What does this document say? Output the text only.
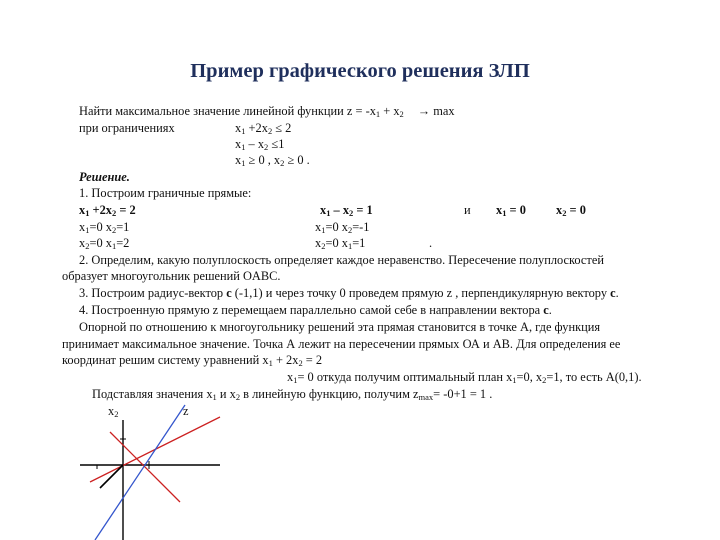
Пример графического решения ЗЛП
Найти максимальное значение линейной функции $z = -x_1 + x_2 \to \max$
при ограничениях	$x_1 +2x_2 \le 2$
$x_1 - x_2 \le 1$
$x_1 \ge 0$ , $x_2 \ge 0$ .
Решение.
1. Построим граничные прямые:
$x_1 +2x_2 = 2$	$x_1 - x_2 = 1$	и $x_1 = 0$ $x_2 = 0$
$x_1=0$ $x_2=1$	$x_1=0$ $x_2=-1$
$x_2=0$ $x_1=2$	$x_2=0$ $x_1=1$	.
2. Определим, какую полуплоскость определяет каждое неравенство. Пересечение полуплоскостей
образует многоугольник решений OABC.
3. Построим радиус-вектор c (-1,1) и через точку 0 проведем прямую z , перпендикулярную вектору c.
4. Построенную прямую z перемещаем параллельно самой себе в направлении вектора c.
Опорной по отношению к многоугольнику решений эта прямая становится в точке А, где функция
принимает максимальное значение. Точка А лежит на пересечении прямых ОА и АВ. Для определения ее
координат решим систему уравнений $x_1 + 2x_2 = 2$
$x_1= 0$ откуда получим оптимальный план $x_1=0$, $x_2=1$, то есть А(0,1).
Подставляя значения $x_1$ и $x_2$ в линейную функцию, получим $z_{max}= -0+1 = 1$ .
$x_2$	z
